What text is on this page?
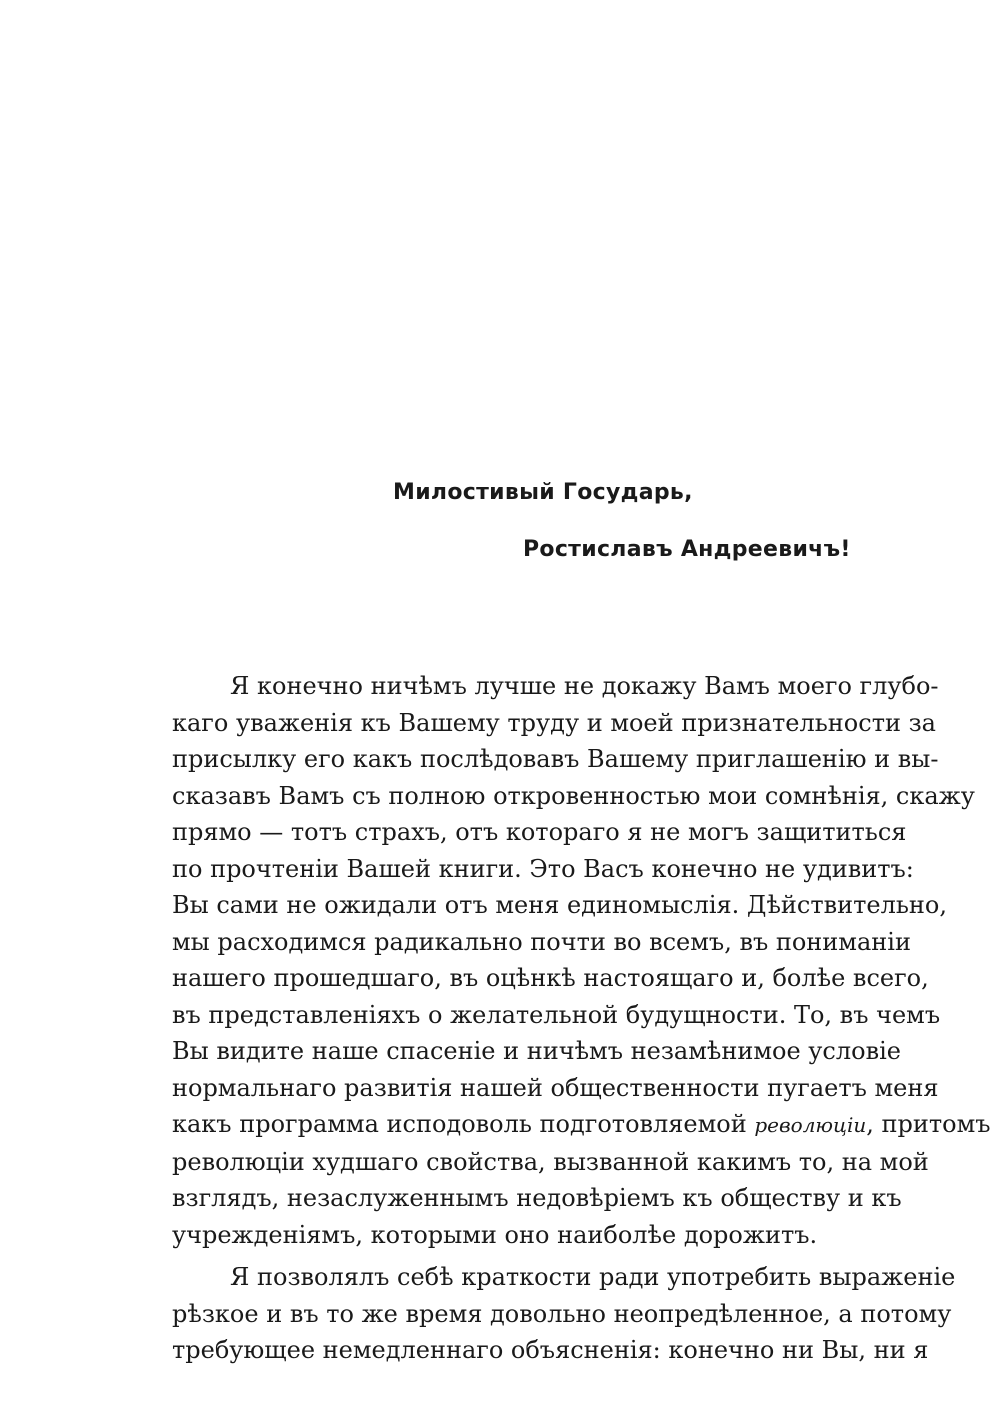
Милостивый Государь,
Ростиславъ Андреевичъ!
Я конечно ничѣмъ лучше не докажу Вамъ моего глубо-
каго уваженія къ Вашему труду и моей признательности за
присылку его какъ послѣдовавъ Вашему приглашенію и вы-
сказавъ Вамъ съ полною откровенностью мои сомнѣнія, скажу
прямо — тотъ страхъ, отъ котораго я не могъ защититься
по прочтеніи Вашей книги. Это Васъ конечно не удивитъ:
Вы сами не ожидали отъ меня единомыслія. Дѣйствительно,
мы расходимся радикально почти во всемъ, въ пониманіи
нашего прошедшаго, въ оцѣнкѣ настоящаго и, болѣе всего,
въ представленіяхъ о желательной будущности. То, въ чемъ
Вы видите наше спасеніе и ничѣмъ незамѣнимое условіе
нормальнаго развитія нашей общественности пугаетъ меня
какъ программа исподоволь подготовляемой революціи, притомъ
революціи худшаго свойства, вызванной какимъ то, на мой
взглядъ, незаслуженнымъ недовѣріемъ къ обществу и къ
учрежденіямъ, которыми оно наиболѣе дорожитъ.
Я позволялъ себѣ краткости ради употребить выраженіе
рѣзкое и въ то же время довольно неопредѣленное, а потому
требующее немедленнаго объясненія: конечно ни Вы, ни я
